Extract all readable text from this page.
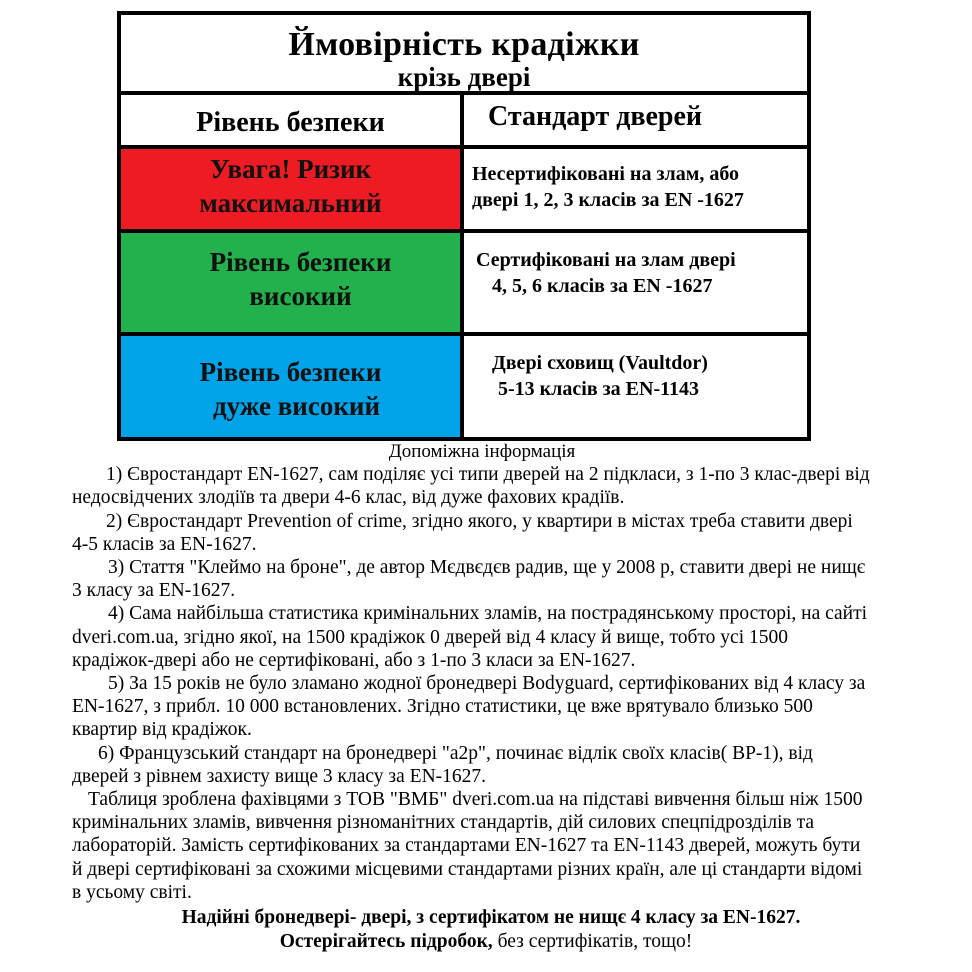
Ймовірність крадіжки
крізь двері
Рівень безпеки	Стандарт дверей
Увага! Ризик
максимальний
Несертифіковані на злам, або
двері 1, 2, 3 класів за EN -1627
Рівень безпеки
високий
Сертифіковані на злам двері
4, 5, 6 класів за EN -1627
Рівень безпеки
дуже високий
Двері сховищ (Vaultdor)
5-13 класів за EN-1143
Допоміжна інформація
1) Євростандарт EN-1627, сам поділяє усі типи дверей на 2 підкласи, з 1-по 3 клас-двері від недосвідчених злодіїв та двери 4-6 клас, від дуже фахових крадіїв.
2) Євростандарт Prevention of crime, згідно якого, у квартири в містах треба ставити двері 4-5 класів за EN-1627.
3) Стаття "Клеймо на броне", де автор Мєдвєдєв радив, ще у 2008 р, ставити двері не нищє 3 класу за EN-1627.
4) Сама найбільша статистика кримінальних зламів, на пострадянському просторі, на сайті dveri.com.ua, згідно якої, на 1500 крадіжок 0 дверей від 4 класу й вище, тобто усі 1500 крадіжок-двері або не сертифіковані, або з 1-по 3 класи за EN-1627.
5) За 15 років не було зламано жодної бронедвері Bodyguard, сертифікованих від 4 класу за EN-1627, з прибл. 10 000 встановлених. Згідно статистики, це вже врятувало близько 500 квартир від крадіжок.
6) Французський стандарт на бронедвері "a2p", починає відлік своїх класів( BP-1), від дверей з рівнем захисту вище 3 класу за EN-1627.
Таблиця зроблена фахівцями з ТОВ "ВМБ" dveri.com.ua на підставі вивчення більш ніж 1500 кримінальних зламів, вивчення різноманітних стандартів, дій силових спецпідрозділів та лабораторій. Замість сертифікованих за стандартами EN-1627 та EN-1143 дверей, можуть бути й двері сертифіковані за схожими місцевими стандартами різних країн, але ці стандарти відомі в усьому світі.
Надійні бронедвері- двері, з сертифікатом не нищє 4 класу за EN-1627.
Остерігайтесь підробок, без сертифікатів, тощо!
